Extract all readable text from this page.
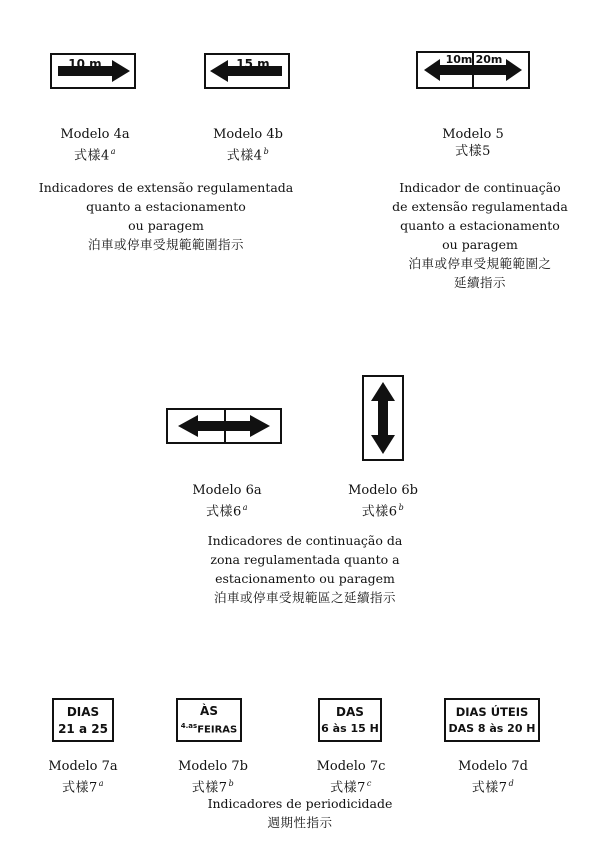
10 m	15 m	10m 20m
Modelo 4a
式樣4$^a$
Modelo 4b
式樣4$^b$
Modelo 5
式樣5
Indicadores de extensão regulamentada
quanto a estacionamento
ou paragem
泊車或停車受規範範圍指示
Indicador de continuação
de extensão regulamentada
quanto a estacionamento
ou paragem
泊車或停車受規範範圍之
延續指示
Modelo 6a
式樣6$^a$
Modelo 6b
式樣6$^b$
Indicadores de continuação da
zona regulamentada quanto a
estacionamento ou paragem
泊車或停車受規範區之延續指示
DIAS
21 a 25
ÀS
$^{4.as}$FEIRAS
DAS
6 às 15 H
DIAS ÚTEIS
DAS 8 às 20 H
Modelo 7a
式樣7$^a$
Modelo 7b
式樣7$^b$
Modelo 7c
式樣7$^c$
Modelo 7d
式樣7$^d$
Indicadores de periodicidade
週期性指示
